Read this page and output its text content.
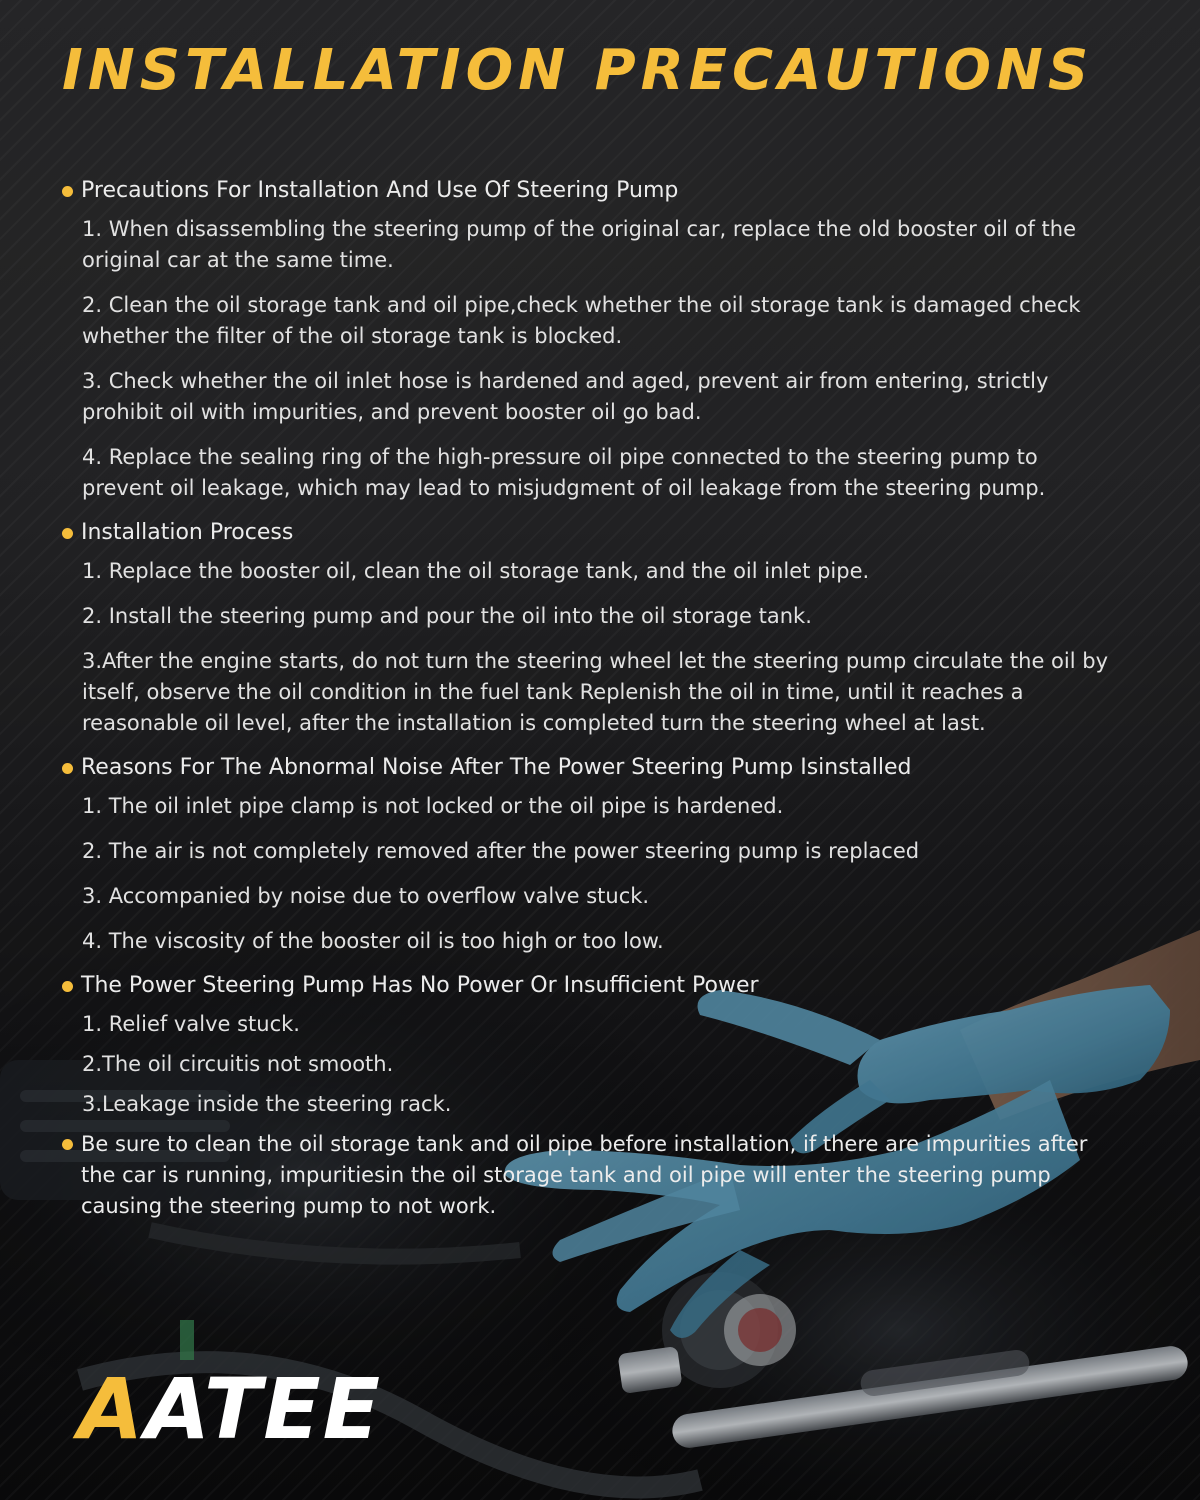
INSTALLATION PRECAUTIONS
Precautions For Installation And Use Of Steering Pump

1. When disassembling the steering pump of the original car, replace the old booster oil of the original car at the same time.

2. Clean the oil storage tank and oil pipe,check whether the oil storage tank is damaged check whether the filter of the oil storage tank is blocked.

3. Check whether the oil inlet hose is hardened and aged, prevent air from entering, strictly prohibit oil with impurities, and prevent booster oil go bad.

4. Replace the sealing ring of the high-pressure oil pipe connected to the steering pump to prevent oil leakage, which may lead to misjudgment of oil leakage from the steering pump.

Installation Process

1. Replace the booster oil, clean the oil storage tank, and the oil inlet pipe.

2. Install the steering pump and pour the oil into the oil storage tank.

3.After the engine starts, do not turn the steering wheel let the steering pump circulate the oil by itself, observe the oil condition in the fuel tank Replenish the oil in time, until it reaches a reasonable oil level, after the installation is completed turn the steering wheel at last.

Reasons For The Abnormal Noise After The Power Steering Pump Isinstalled

1. The oil inlet pipe clamp is not locked or the oil pipe is hardened.

2. The air is not completely removed after the power steering pump is replaced

3. Accompanied by noise due to overflow valve stuck.

4. The viscosity of the booster oil is too high or too low.

The Power Steering Pump Has No Power Or Insufficient Power

1. Relief valve stuck.

2.The oil circuitis not smooth.

3.Leakage inside the steering rack.

Be sure to clean the oil storage tank and oil pipe before installation, if there are impurities after the car is running, impuritiesin the oil storage tank and oil pipe will enter the steering pump causing the steering pump to not work.
AATEE
